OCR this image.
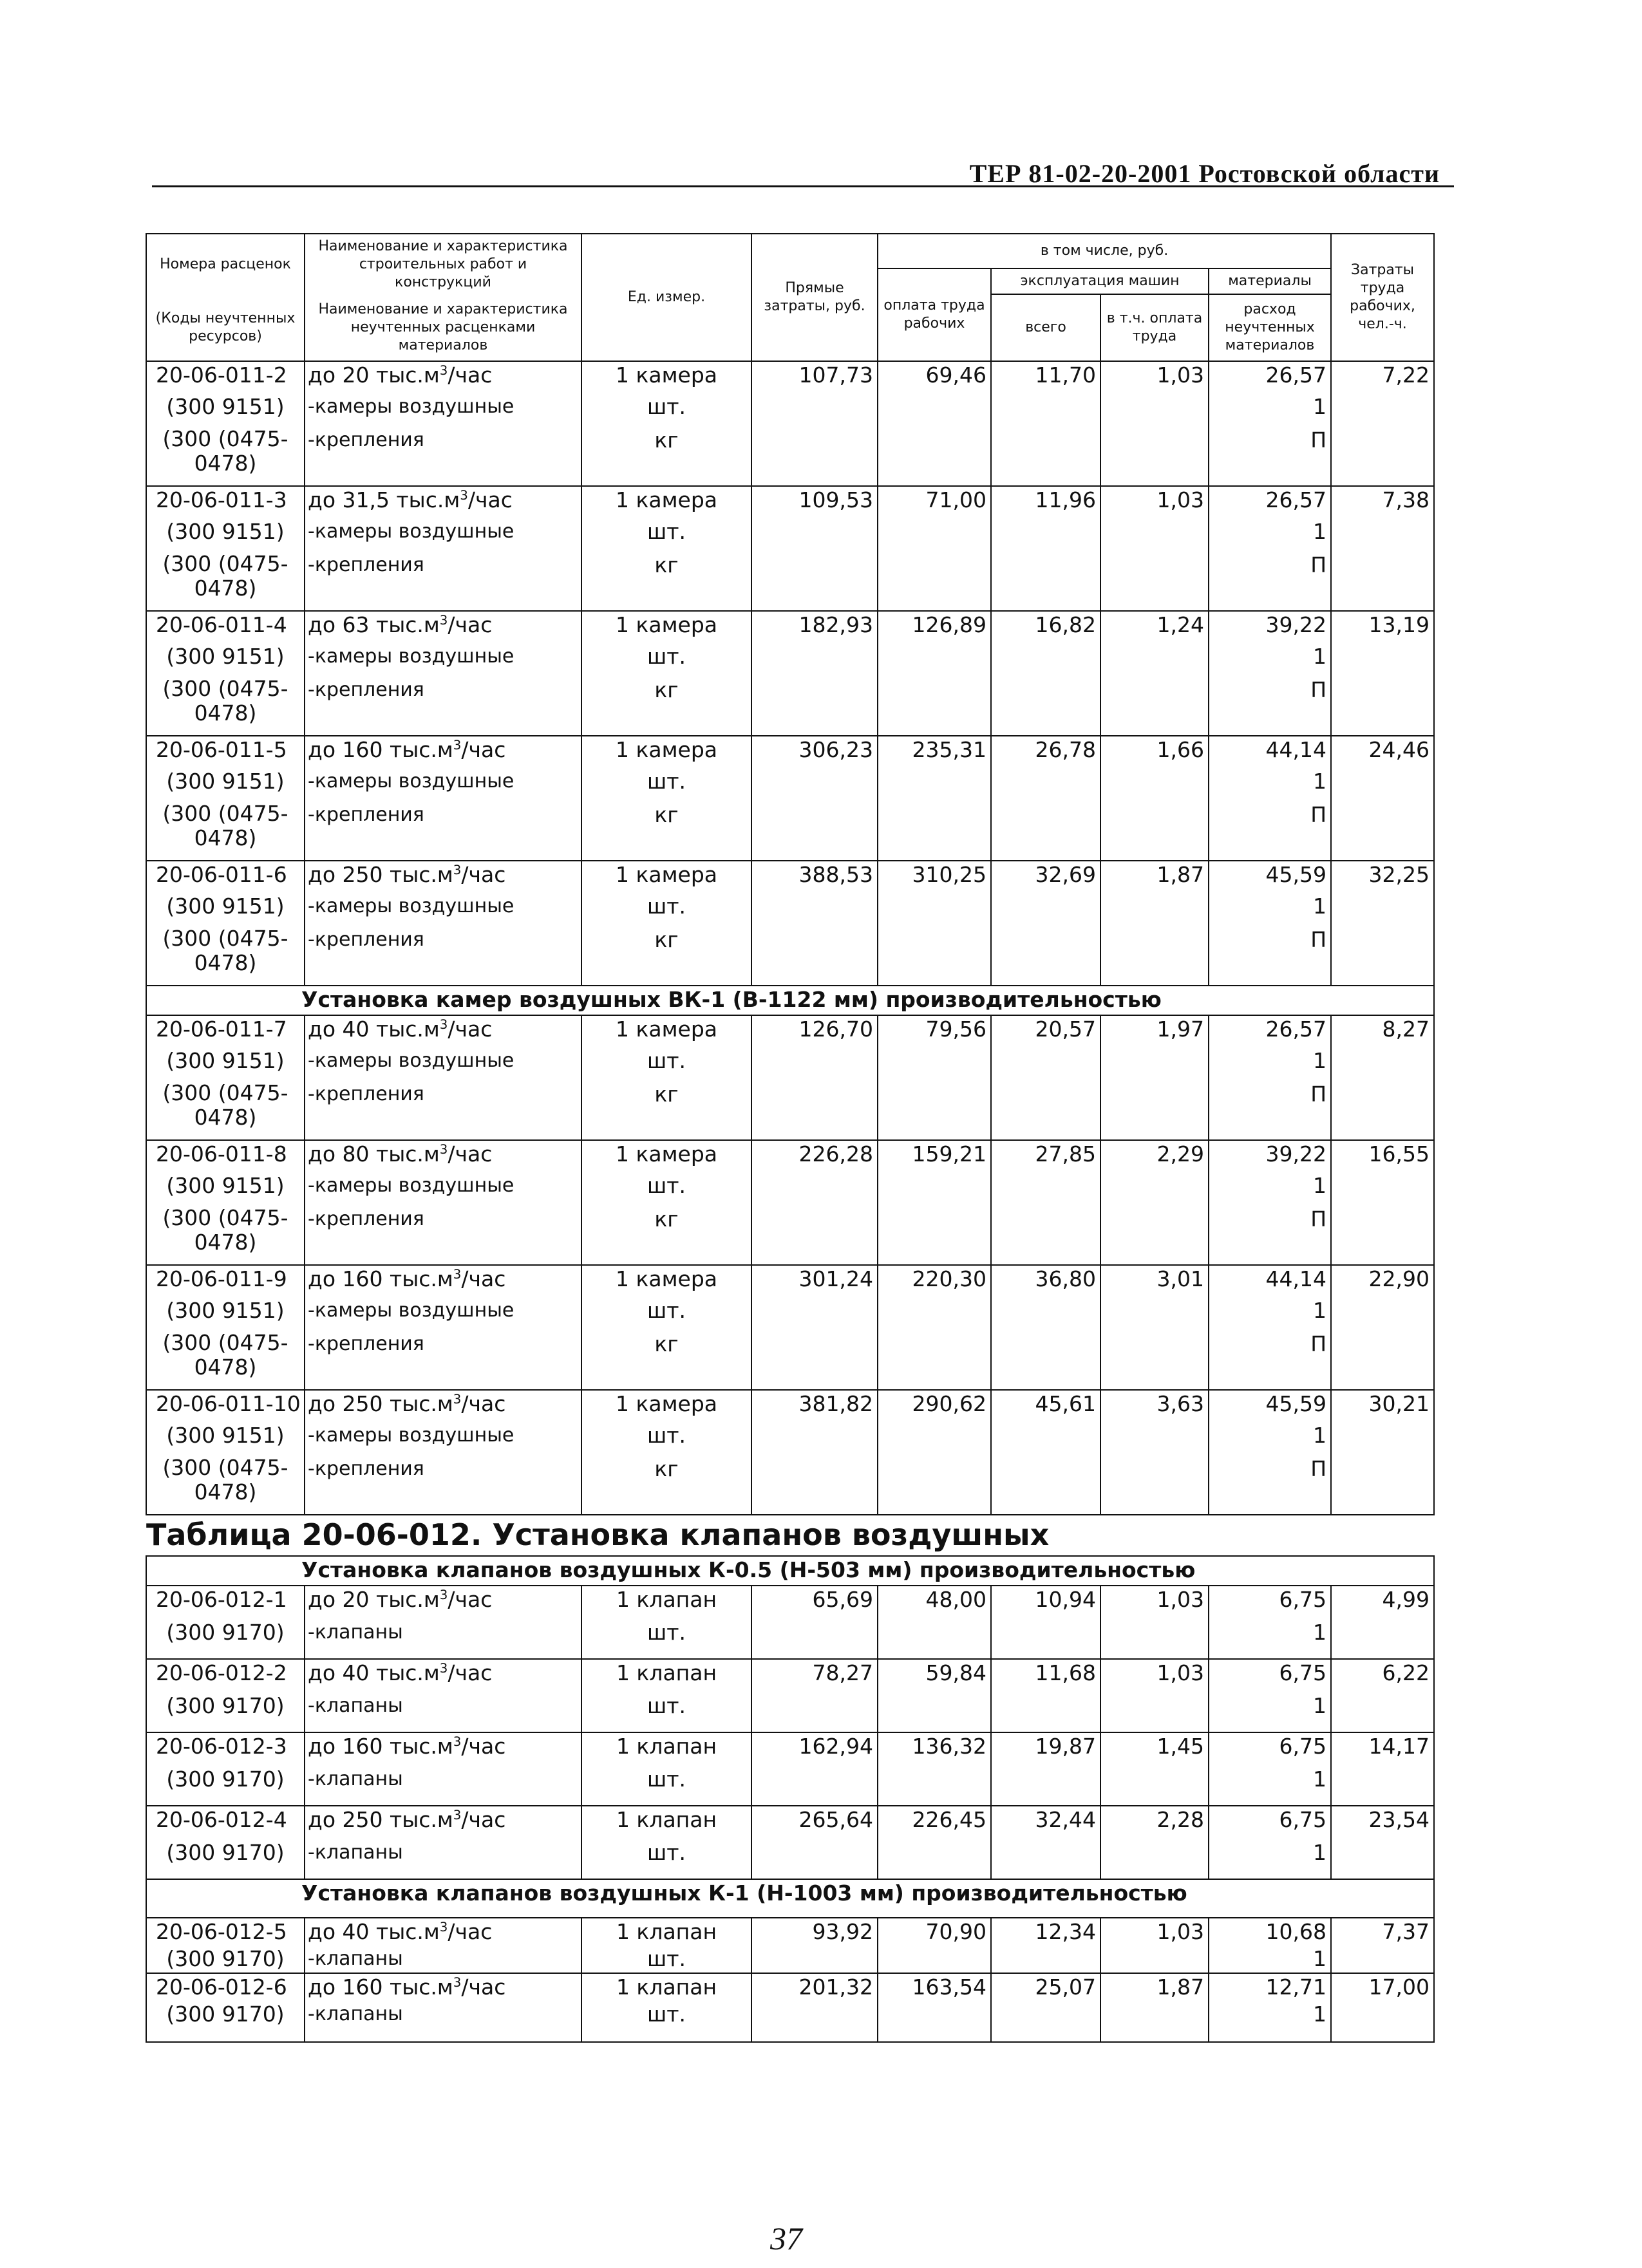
ТЕР 81-02-20-2001 Ростовской области
Номера расценок	Наименование и характеристика строительных работ и конструкций	Ед. измер.	Прямые затраты, руб.	в том числе, руб.				Затраты труда рабочих, чел.-ч.
				оплата труда рабочих	эксплуатация машин		материалы	
(Коды неучтенных ресурсов)	Наименование и характеристика неучтенных расценками материалов				всего	в т.ч. оплата труда	расход неучтенных материалов	
20-06-011-2	до 20 $тыс.м^3$/час	1 камера	107,73	69,46	11,70	1,03	26,57	7,22
(300 9151)	-камеры воздушные	шт.					1	
(300 (0475-0478)	-крепления	кг					П	
20-06-011-3	до 31,5 $тыс.м^3$/час	1 камера	109,53	71,00	11,96	1,03	26,57	7,38
(300 9151)	-камеры воздушные	шт.					1	
(300 (0475-0478)	-крепления	кг					П	
20-06-011-4	до 63 $тыс.м^3$/час	1 камера	182,93	126,89	16,82	1,24	39,22	13,19
(300 9151)	-камеры воздушные	шт.					1	
(300 (0475-0478)	-крепления	кг					П	
20-06-011-5	до 160 $тыс.м^3$/час	1 камера	306,23	235,31	26,78	1,66	44,14	24,46
(300 9151)	-камеры воздушные	шт.					1	
(300 (0475-0478)	-крепления	кг					П	
20-06-011-6	до 250 $тыс.м^3$/час	1 камера	388,53	310,25	32,69	1,87	45,59	32,25
(300 9151)	-камеры воздушные	шт.					1	
(300 (0475-0478)	-крепления	кг					П	
Установка камер воздушных ВК-1 (В-1122 мм) производительностью								
20-06-011-7	до 40 $тыс.м^3$/час	1 камера	126,70	79,56	20,57	1,97	26,57	8,27
(300 9151)	-камеры воздушные	шт.					1	
(300 (0475-0478)	-крепления	кг					П	
20-06-011-8	до 80 $тыс.м^3$/час	1 камера	226,28	159,21	27,85	2,29	39,22	16,55
(300 9151)	-камеры воздушные	шт.					1	
(300 (0475-0478)	-крепления	кг					П	
20-06-011-9	до 160 $тыс.м^3$/час	1 камера	301,24	220,30	36,80	3,01	44,14	22,90
(300 9151)	-камеры воздушные	шт.					1	
(300 (0475-0478)	-крепления	кг					П	
20-06-011-10	до 250 $тыс.м^3$/час	1 камера	381,82	290,62	45,61	3,63	45,59	30,21
(300 9151)	-камеры воздушные	шт.					1	
(300 (0475-0478)	-крепления	кг					П	
Таблица 20-06-012. Установка клапанов воздушных								
Установка клапанов воздушных К-0.5 (Н-503 мм) производительностью								
20-06-012-1	до 20 $тыс.м^3$/час	1 клапан	65,69	48,00	10,94	1,03	6,75	4,99
(300 9170)	-клапаны	шт.					1	
20-06-012-2	до 40 $тыс.м^3$/час	1 клапан	78,27	59,84	11,68	1,03	6,75	6,22
(300 9170)	-клапаны	шт.					1	
20-06-012-3	до 160 $тыс.м^3$/час	1 клапан	162,94	136,32	19,87	1,45	6,75	14,17
(300 9170)	-клапаны	шт.					1	
20-06-012-4	до 250 $тыс.м^3$/час	1 клапан	265,64	226,45	32,44	2,28	6,75	23,54
(300 9170)	-клапаны	шт.					1	
Установка клапанов воздушных К-1 (Н-1003 мм) производительностью								
20-06-012-5	до 40 $тыс.м^3$/час	1 клапан	93,92	70,90	12,34	1,03	10,68	7,37
(300 9170)	-клапаны	шт.					1	
20-06-012-6	до 160 $тыс.м^3$/час	1 клапан	201,32	163,54	25,07	1,87	12,71	17,00
(300 9170)	-клапаны	шт.					1	
37
